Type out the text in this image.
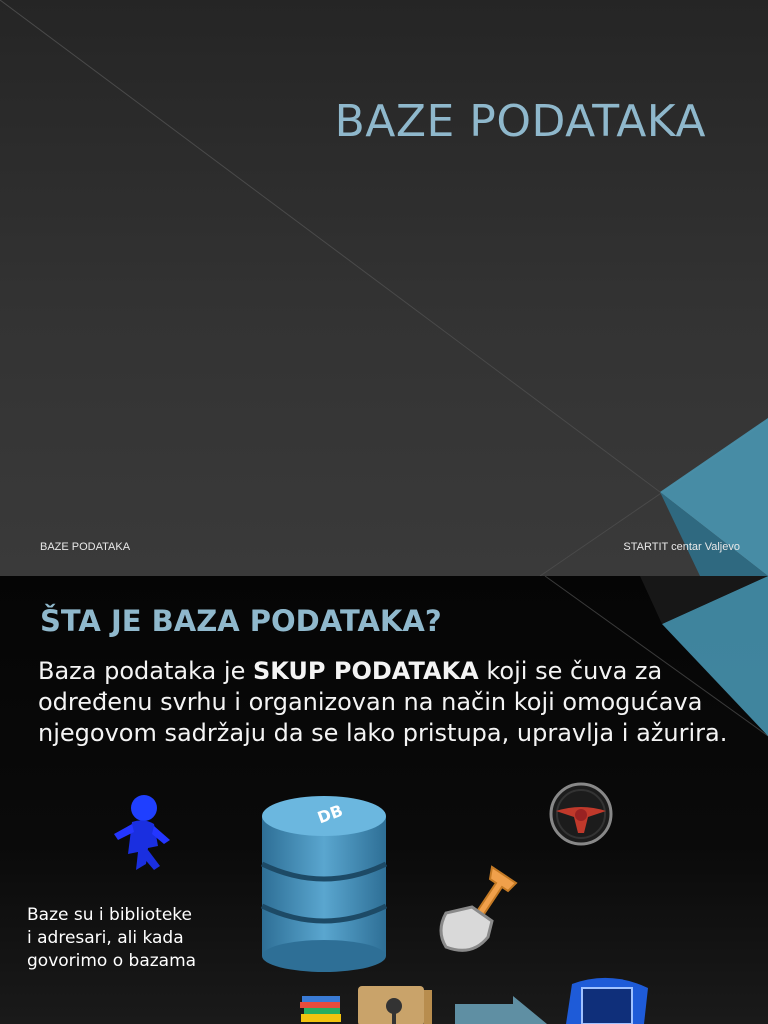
BAZE PODATAKA
BAZE PODATAKA	STARTIT centar Valjevo
ŠTA JE BAZA PODATAKA?
Baza podataka je SKUP PODATAKA koji se čuva za određenu svrhu i organizovan na način koji omogućava njegovom sadržaju da se lako pristupa, upravlja i ažurira.
DB
Baze su i biblioteke i adresari, ali kada govorimo o bazama
